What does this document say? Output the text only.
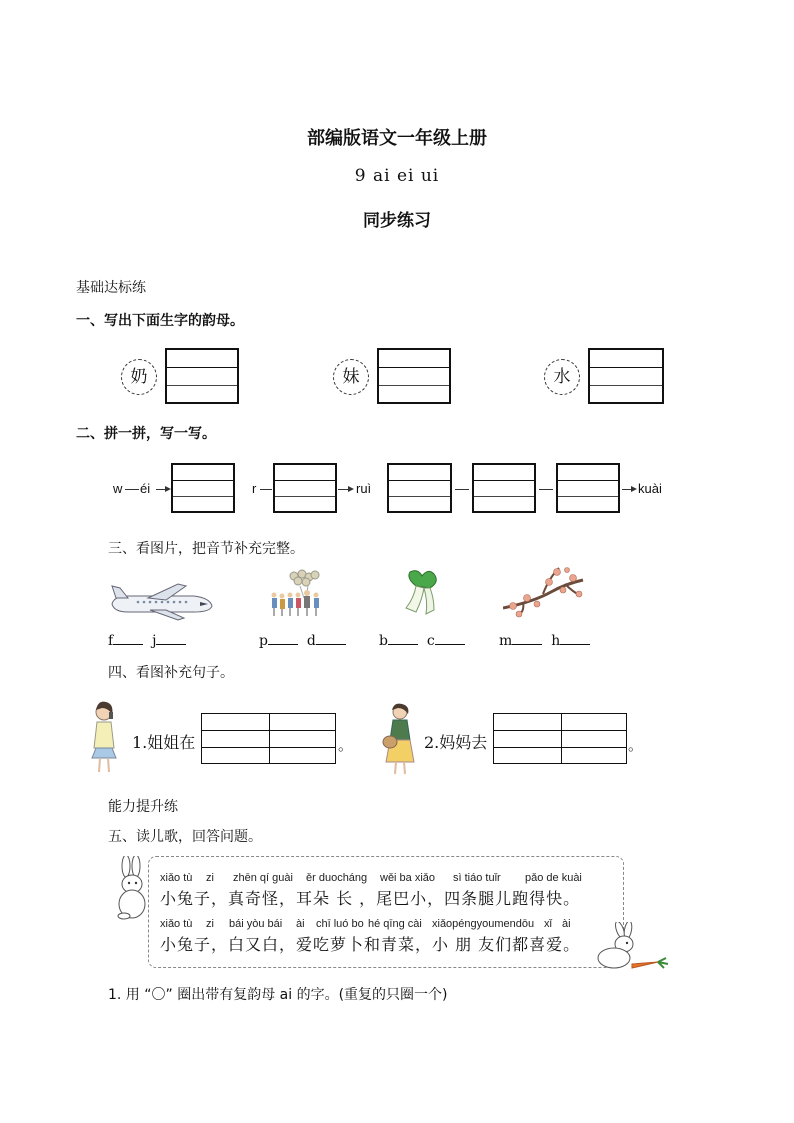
部编版语文一年级上册
9 ai ei ui
同步练习
基础达标练
一、写出下面生字的韵母。
奶	妹	水
二、拼一拼，写一写。
w éi	r	ruì	kuài
三、看图片，把音节补充完整。
f	j	p	d	b	c	m	h
四、看图补充句子。
1.姐姐在	。	2.妈妈去	。
能力提升练
五、读儿歌，回答问题。
xiǎo tù zi zhēn qí guài ěr duocháng wěi ba xiǎo sì tiáo tuǐr pǎo de kuài
小兔子，真奇怪，耳朵 长 ，尾巴小，四条腿儿跑得快。
xiǎo tù zi bái yòu bái ài chī luó bo hé qīng cài xiǎopéngyoumendōu xǐ ài
小兔子，白又白，爱吃萝卜和青菜，小 朋 友们都喜爱。
1. 用 “〇” 圈出带有复韵母 ai 的字。(重复的只圈一个)
